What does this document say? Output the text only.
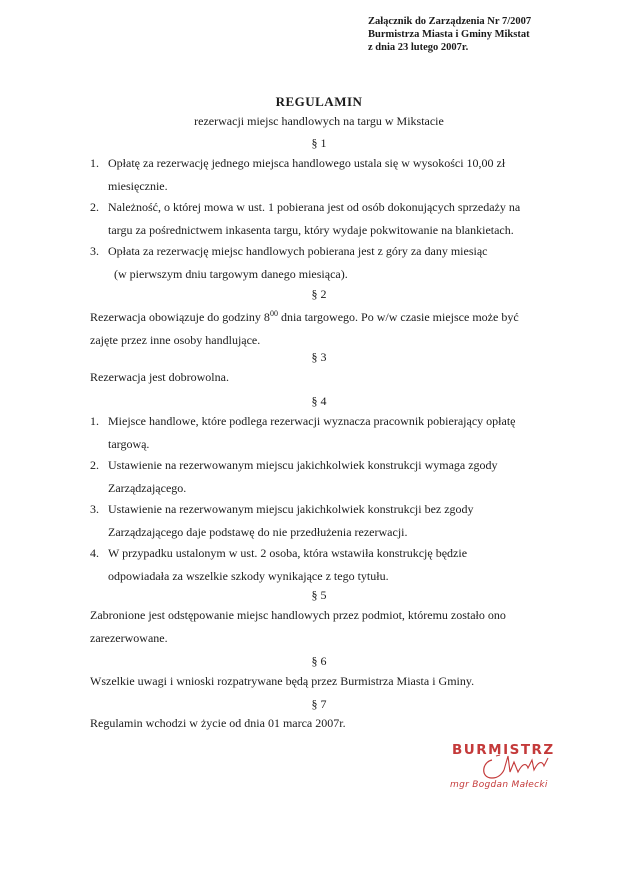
Załącznik do Zarządzenia Nr 7/2007
Burmistrza Miasta i Gminy Mikstat
z dnia 23 lutego 2007r.
REGULAMIN
rezerwacji miejsc handlowych na targu w Mikstacie
§ 1
1. Opłatę za rezerwację jednego miejsca handlowego ustala się w wysokości 10,00 zł
miesięcznie.
2. Należność, o której mowa w ust. 1 pobierana jest od osób dokonujących sprzedaży na
targu za pośrednictwem inkasenta targu, który wydaje pokwitowanie na blankietach.
3. Opłata za rezerwację miejsc handlowych pobierana jest z góry za dany miesiąc
(w pierwszym dniu targowym danego miesiąca).
§ 2
Rezerwacja obowiązuje do godziny $8^{00}$ dnia targowego. Po w/w czasie miejsce może być
zajęte przez inne osoby handlujące.
§ 3
Rezerwacja jest dobrowolna.
§ 4
1. Miejsce handlowe, które podlega rezerwacji wyznacza pracownik pobierający opłatę
targową.
2. Ustawienie na rezerwowanym miejscu jakichkolwiek konstrukcji wymaga zgody
Zarządzającego.
3. Ustawienie na rezerwowanym miejscu jakichkolwiek konstrukcji bez zgody
Zarządzającego daje podstawę do nie przedłużenia rezerwacji.
4. W przypadku ustalonym w ust. 2 osoba, która wstawiła konstrukcję będzie
odpowiadała za wszelkie szkody wynikające z tego tytułu.
§ 5
Zabronione jest odstępowanie miejsc handlowych przez podmiot, któremu zostało ono
zarezerwowane.
§ 6
Wszelkie uwagi i wnioski rozpatrywane będą przez Burmistrza Miasta i Gminy.
§ 7
Regulamin wchodzi w życie od dnia 01 marca 2007r.
BURMISTRZ
mgr Bogdan Małecki
